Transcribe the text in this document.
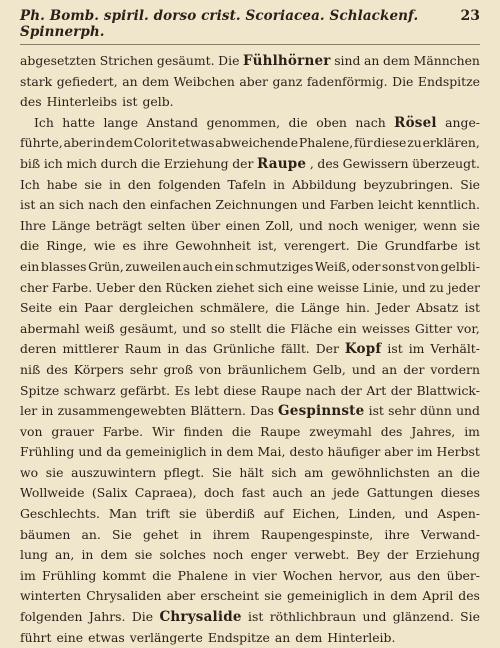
Ph. Bomb. spiril. dorso crist. Scoriacea. Schlackenf. Spinnerph.
23
abgesetzten Strichen gesäumt. Die Fühlhörner sind an dem Männchen
stark gefiedert, an dem Weibchen aber ganz fadenförmig. Die Endspitze
des Hinterleibs ist gelb.
Ich hatte lange Anstand genommen, die oben nach Rösel ange-
führte, aber in dem Colorit etwas abweichende Phalene, für diese zu erklären,
biß ich mich durch die Erziehung der Raupe , des Gewissern überzeugt.
Ich habe sie in den folgenden Tafeln in Abbildung beyzubringen. Sie
ist an sich nach den einfachen Zeichnungen und Farben leicht kenntlich.
Ihre Länge beträgt selten über einen Zoll, und noch weniger, wenn sie
die Ringe, wie es ihre Gewohnheit ist, verengert. Die Grundfarbe ist
ein blasses Grün, zuweilen auch ein schmutziges Weiß, oder sonst von gelbli-
cher Farbe. Ueber den Rücken ziehet sich eine weisse Linie, und zu jeder
Seite ein Paar dergleichen schmälere, die Länge hin. Jeder Absatz ist
abermahl weiß gesäumt, und so stellt die Fläche ein weisses Gitter vor,
deren mittlerer Raum in das Grünliche fällt. Der Kopf ist im Verhält-
niß des Körpers sehr groß von bräunlichem Gelb, und an der vordern
Spitze schwarz gefärbt. Es lebt diese Raupe nach der Art der Blattwick-
ler in zusammengewebten Blättern. Das Gespinnste ist sehr dünn und
von grauer Farbe. Wir finden die Raupe zweymahl des Jahres, im
Frühling und da gemeiniglich in dem Mai, desto häufiger aber im Herbst
wo sie auszuwintern pflegt. Sie hält sich am gewöhnlichsten an die
Wollweide (Salix Capraea), doch fast auch an jede Gattungen dieses
Geschlechts. Man trift sie überdiß auf Eichen, Linden, und Aspen-
bäumen an. Sie gehet in ihrem Raupengespinste, ihre Verwand-
lung an, in dem sie solches noch enger verwebt. Bey der Erziehung
im Frühling kommt die Phalene in vier Wochen hervor, aus den über-
winterten Chrysaliden aber erscheint sie gemeiniglich in dem April des
folgenden Jahrs. Die Chrysalide ist röthlichbraun und glänzend. Sie
führt eine etwas verlängerte Endspitze an dem Hinterleib.
